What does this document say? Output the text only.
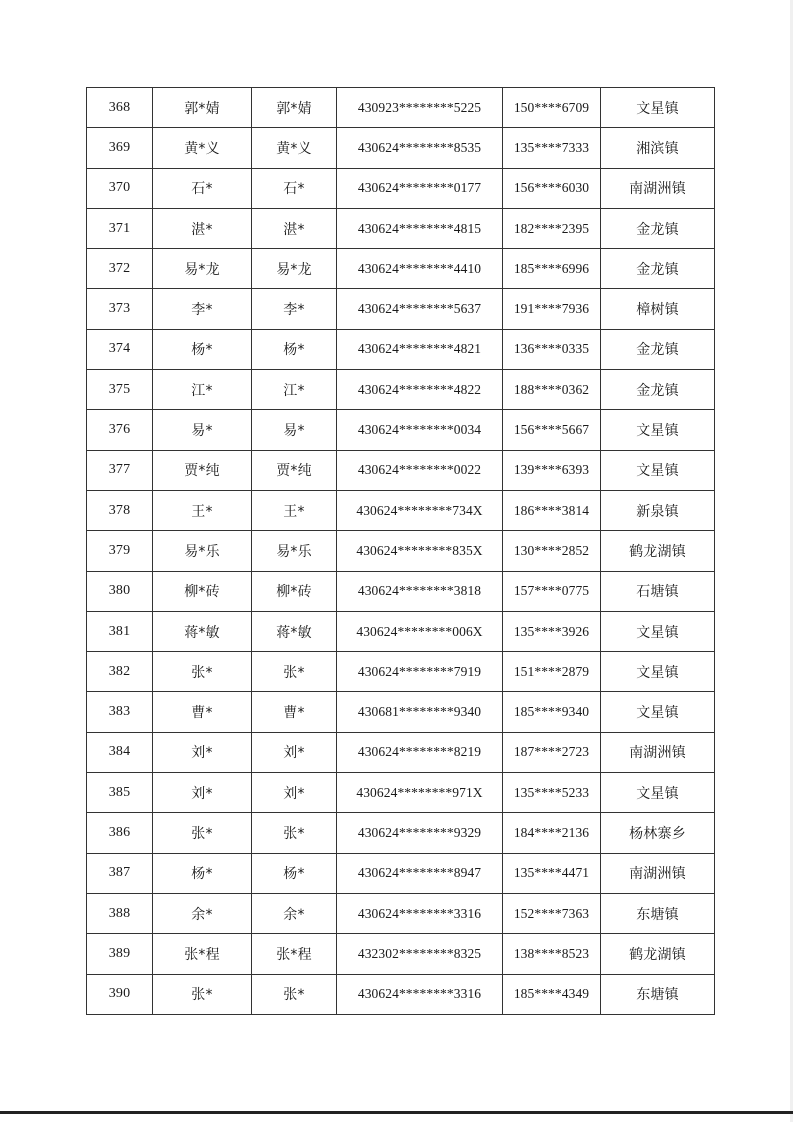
368	郭*婧	郭*婧	430923********5225	150****6709	文星镇
369	黄*义	黄*义	430624********8535	135****7333	湘滨镇
370	石*	石*	430624********0177	156****6030	南湖洲镇
371	湛*	湛*	430624********4815	182****2395	金龙镇
372	易*龙	易*龙	430624********4410	185****6996	金龙镇
373	李*	李*	430624********5637	191****7936	樟树镇
374	杨*	杨*	430624********4821	136****0335	金龙镇
375	江*	江*	430624********4822	188****0362	金龙镇
376	易*	易*	430624********0034	156****5667	文星镇
377	贾*纯	贾*纯	430624********0022	139****6393	文星镇
378	王*	王*	430624********734X	186****3814	新泉镇
379	易*乐	易*乐	430624********835X	130****2852	鹤龙湖镇
380	柳*砖	柳*砖	430624********3818	157****0775	石塘镇
381	蒋*敏	蒋*敏	430624********006X	135****3926	文星镇
382	张*	张*	430624********7919	151****2879	文星镇
383	曹*	曹*	430681********9340	185****9340	文星镇
384	刘*	刘*	430624********8219	187****2723	南湖洲镇
385	刘*	刘*	430624********971X	135****5233	文星镇
386	张*	张*	430624********9329	184****2136	杨林寨乡
387	杨*	杨*	430624********8947	135****4471	南湖洲镇
388	余*	余*	430624********3316	152****7363	东塘镇
389	张*程	张*程	432302********8325	138****8523	鹤龙湖镇
390	张*	张*	430624********3316	185****4349	东塘镇
